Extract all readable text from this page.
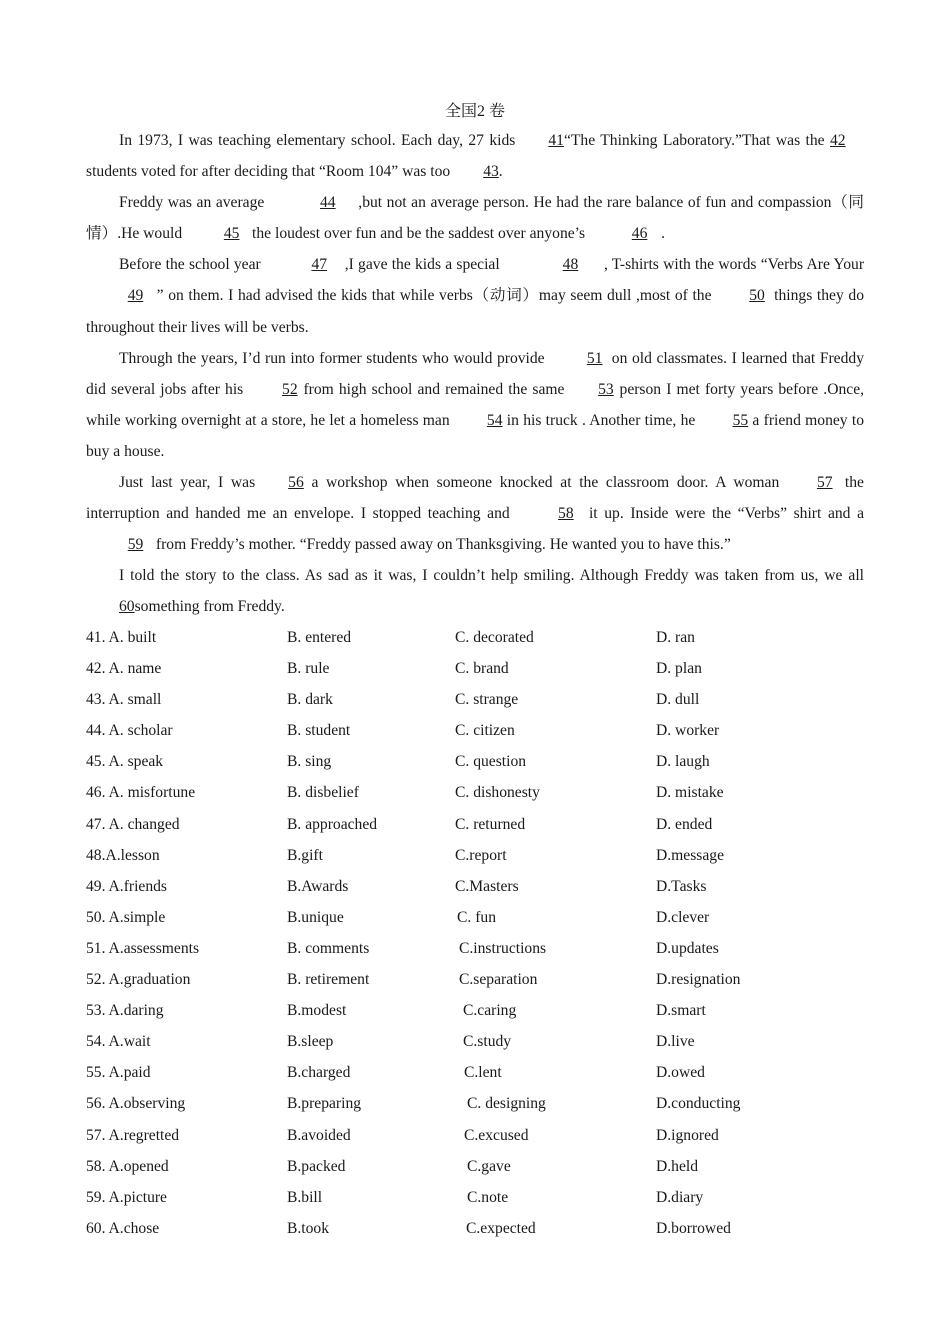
全国2 卷

In 1973, I was teaching elementary school. Each day, 27 kids 41“The Thinking Laboratory.”That was the 42 students voted for after deciding that “Room 104” was too 43.

Freddy was an average	44 ,but not an average person. He had the rare balance of fun and compassion（同情）.He would	45 the loudest over fun and be the saddest over anyone’s	46 .

Before the school year	47 ,I gave the kids a special	48 , T-shirts with the words “Verbs Are Your49 ” on them. I had advised the kids that while verbs（动词）may seem dull ,most of the 50 things they do throughout their lives will be verbs.

Through the years, I’d run into former students who would provide 51 on old classmates. I learned that Freddy did several jobs after his 52 from high school and remained the same 53 person I met forty years before .Once, while working overnight at a store, he let a homeless man 54 in his truck . Another time, he 55 a friend money to buy a house.

Just last year, I was 56 a workshop when someone knocked at the classroom door. A woman 57 the interruption and handed me an envelope. I stopped teaching and	58 it up. Inside were the “Verbs” shirt and a 59 from Freddy’s mother. “Freddy passed away on Thanksgiving. He wanted you to have this.”

I told the story to the class. As sad as it was, I couldn’t help smiling. Although Freddy was taken from us, we all 60something from Freddy.

41. A. built	B. entered	C. decorated	D. ran
42. A. name	B. rule	C. brand	D. plan
43. A. small	B. dark	C. strange	D. dull
44. A. scholar	B. student	C. citizen	D. worker
45. A. speak	B. sing	C. question	D. laugh
46. A. misfortune	B. disbelief	C. dishonesty	D. mistake
47. A. changed	B. approached	C. returned	D. ended
48.A.lesson	B.gift	C.report	D.message
49. A.friends	B.Awards	C.Masters	D.Tasks
50. A.simple	B.unique	C. fun	D.clever
51. A.assessments	B. comments	C.instructions	D.updates
52. A.graduation	B. retirement	C.separation	D.resignation
53. A.daring	B.modest	C.caring	D.smart
54. A.wait	B.sleep	C.study	D.live
55. A.paid	B.charged	C.lent	D.owed
56. A.observing	B.preparing	C. designing	D.conducting
57. A.regretted	B.avoided	C.excused	D.ignored
58. A.opened	B.packed	C.gave	D.held
59. A.picture	B.bill	C.note	D.diary
60. A.chose	B.took	C.expected	D.borrowed
